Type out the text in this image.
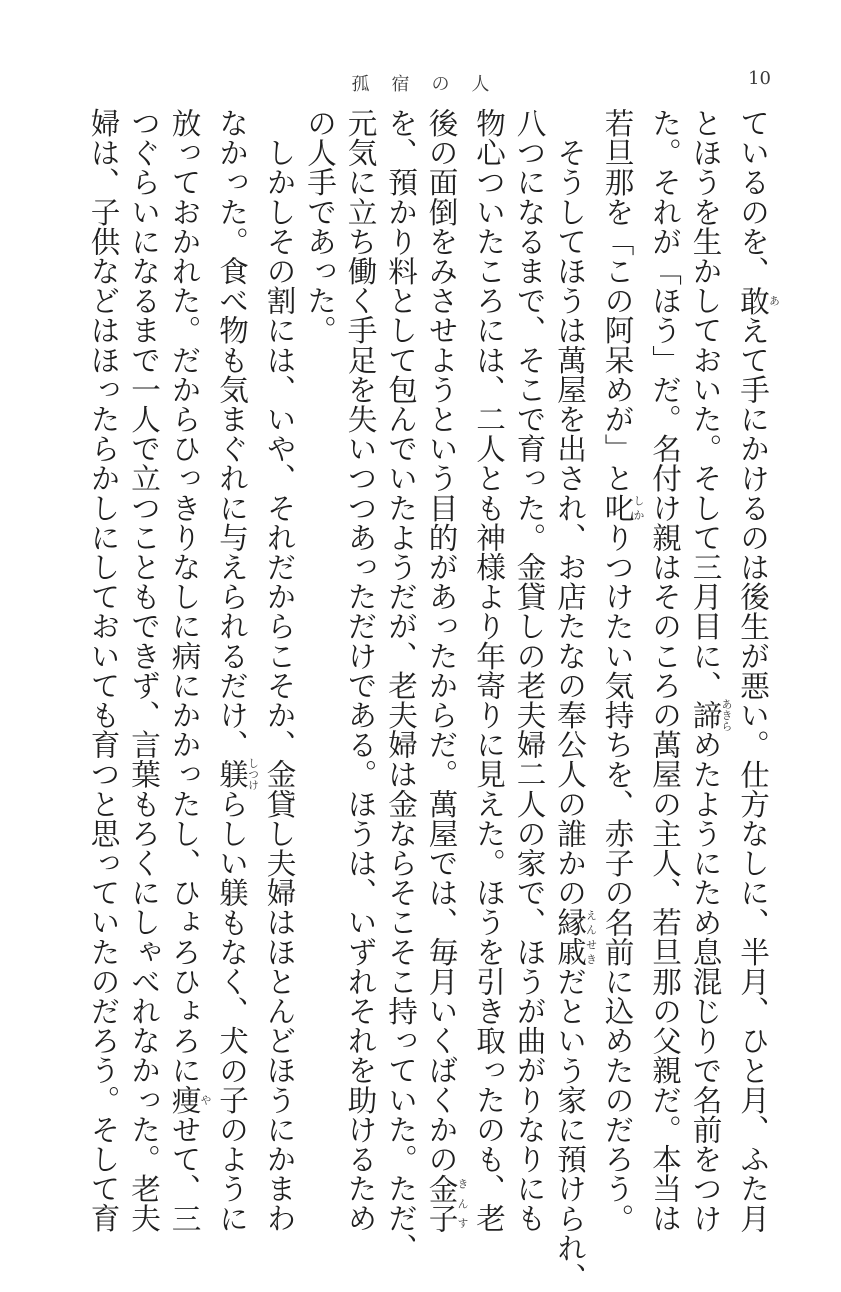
孤宿の人	10
ているのを、敢あえて手にかけるのは後生が悪い。仕方なしに、半月、ひと月、ふた月
とほうを生かしておいた。そして三月目に、諦あきらめたようにため息混じりで名前をつけ
た。それが「ほう」だ。名付け親はそのころの萬屋の主人、若旦那の父親だ。本当は
若旦那を「この阿呆めが」と叱しかりつけたい気持ちを、赤子の名前に込めたのだろう。
　そうしてほうは萬屋を出され、お店たなの奉公人の誰かの縁戚えんせきだという家に預けられ、
八つになるまで、そこで育った。金貸しの老夫婦二人の家で、ほうが曲がりなりにも
物心ついたころには、二人とも神様より年寄りに見えた。ほうを引き取ったのも、老
後の面倒をみさせようという目的があったからだ。萬屋では、毎月いくばくかの金子きんす
を、預かり料として包んでいたようだが、老夫婦は金ならそこそこ持っていた。ただ、
元気に立ち働く手足を失いつつあっただけである。ほうは、いずれそれを助けるため
の人手であった。
　しかしその割には、いや、それだからこそか、金貸し夫婦はほとんどほうにかまわ
なかった。食べ物も気まぐれに与えられるだけ、躾しつけらしい躾もなく、犬の子のように
放っておかれた。だからひっきりなしに病にかかったし、ひょろひょろに痩やせて、三
つぐらいになるまで一人で立つこともできず、言葉もろくにしゃべれなかった。老夫
婦は、子供などはほったらかしにしておいても育つと思っていたのだろう。そして育
